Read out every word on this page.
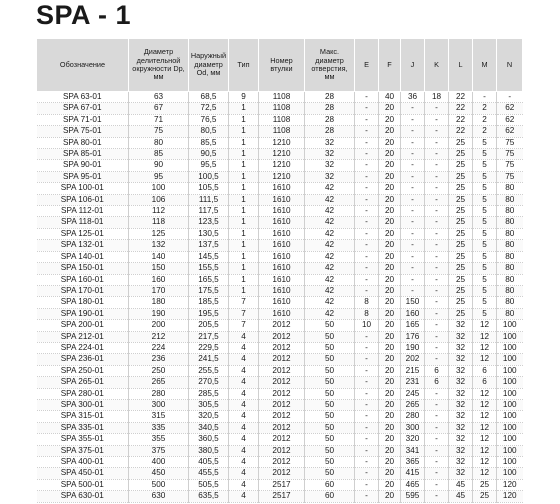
SPA - 1
Обозначение	Диаметр делительной окружности Dp, мм	Наружный диаметр Od, мм	Тип	Номер втулки	Макс. диаметр отверстия, мм	E	F	J	K	L	M	N
SPA 63-01	63	68,5	9	1108	28	-	40	36	18	22	-	-
SPA 67-01	67	72,5	1	1108	28	-	20	-	-	22	2	62
SPA 71-01	71	76,5	1	1108	28	-	20	-	-	22	2	62
SPA 75-01	75	80,5	1	1108	28	-	20	-	-	22	2	62
SPA 80-01	80	85,5	1	1210	32	-	20	-	-	25	5	75
SPA 85-01	85	90,5	1	1210	32	-	20	-	-	25	5	75
SPA 90-01	90	95,5	1	1210	32	-	20	-	-	25	5	75
SPA 95-01	95	100,5	1	1210	32	-	20	-	-	25	5	75
SPA 100-01	100	105,5	1	1610	42	-	20	-	-	25	5	80
SPA 106-01	106	111,5	1	1610	42	-	20	-	-	25	5	80
SPA 112-01	112	117,5	1	1610	42	-	20	-	-	25	5	80
SPA 118-01	118	123,5	1	1610	42	-	20	-	-	25	5	80
SPA 125-01	125	130,5	1	1610	42	-	20	-	-	25	5	80
SPA 132-01	132	137,5	1	1610	42	-	20	-	-	25	5	80
SPA 140-01	140	145,5	1	1610	42	-	20	-	-	25	5	80
SPA 150-01	150	155,5	1	1610	42	-	20	-	-	25	5	80
SPA 160-01	160	165,5	1	1610	42	-	20	-	-	25	5	80
SPA 170-01	170	175,5	1	1610	42	-	20	-	-	25	5	80
SPA 180-01	180	185,5	7	1610	42	8	20	150	-	25	5	80
SPA 190-01	190	195,5	7	1610	42	8	20	160	-	25	5	80
SPA 200-01	200	205,5	7	2012	50	10	20	165	-	32	12	100
SPA 212-01	212	217,5	4	2012	50	-	20	176	-	32	12	100
SPA 224-01	224	229,5	4	2012	50	-	20	190	-	32	12	100
SPA 236-01	236	241,5	4	2012	50	-	20	202	-	32	12	100
SPA 250-01	250	255,5	4	2012	50	-	20	215	6	32	6	100
SPA 265-01	265	270,5	4	2012	50	-	20	231	6	32	6	100
SPA 280-01	280	285,5	4	2012	50	-	20	245	-	32	12	100
SPA 300-01	300	305,5	4	2012	50	-	20	265	-	32	12	100
SPA 315-01	315	320,5	4	2012	50	-	20	280	-	32	12	100
SPA 335-01	335	340,5	4	2012	50	-	20	300	-	32	12	100
SPA 355-01	355	360,5	4	2012	50	-	20	320	-	32	12	100
SPA 375-01	375	380,5	4	2012	50	-	20	341	-	32	12	100
SPA 400-01	400	405,5	4	2012	50	-	20	365	-	32	12	100
SPA 450-01	450	455,5	4	2012	50	-	20	415	-	32	12	100
SPA 500-01	500	505,5	4	2517	60	-	20	465	-	45	25	120
SPA 630-01	630	635,5	4	2517	60	-	20	595	-	45	25	120
